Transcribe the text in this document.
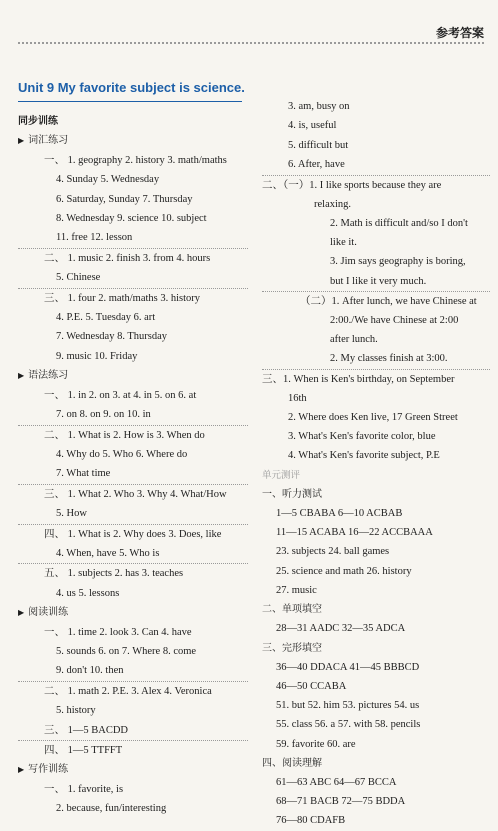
参考答案
Unit 9 My favorite subject is science.
同步训练
▶ 词汇练习
一、 1. geography 2. history 3. math/maths
4. Sunday 5. Wednesday
6. Saturday, Sunday 7. Thursday
8. Wednesday 9. science 10. subject
11. free 12. lesson
二、 1. music 2. finish 3. from 4. hours
5. Chinese
三、 1. four 2. math/maths 3. history
4. P.E. 5. Tuesday 6. art
7. Wednesday 8. Thursday
9. music 10. Friday
▶ 语法练习
一、 1. in 2. on 3. at 4. in 5. on 6. at
7. on 8. on 9. on 10. in
二、 1. What is 2. How is 3. When do
4. Why do 5. Who 6. Where do
7. What time
三、 1. What 2. Who 3. Why 4. What/How
5. How
四、 1. What is 2. Why does 3. Does, like
4. When, have 5. Who is
五、 1. subjects 2. has 3. teaches
4. us 5. lessons
▶ 阅读训练
一、 1. time 2. look 3. Can 4. have
5. sounds 6. on 7. Where 8. come
9. don't 10. then
二、 1. math 2. P.E. 3. Alex 4. Veronica
5. history
三、 1—5 BACDD
四、 1—5 TTFFT
▶ 写作训练
一、 1. favorite, is
2. because, fun/interesting
3. am, busy on
4. is, useful
5. difficult but
6. After, have
二、（一）1. I like sports because they are
relaxing.
2. Math is difficult and/so I don't
like it.
3. Jim says geography is boring,
but I like it very much.
（二）1. After lunch, we have Chinese at
2:00./We have Chinese at 2:00
after lunch.
2. My classes finish at 3:00.
三、1. When is Ken's birthday, on September
16th
2. Where does Ken live, 17 Green Street
3. What's Ken's favorite color, blue
4. What's Ken's favorite subject, P.E
单元测评
一、听力测试
1—5 CBABA 6—10 ACBAB
11—15 ACABA 16—22 ACCBAAA
23. subjects 24. ball games
25. science and math 26. history
27. music
二、单项填空
28—31 AADC 32—35 ADCA
三、完形填空
36—40 DDACA 41—45 BBBCD
46—50 CCABA
51. but 52. him 53. pictures 54. us
55. class 56. a 57. with 58. pencils
59. favorite 60. are
四、阅读理解
61—63 ABC 64—67 BCCA
68—71 BACB 72—75 BDDA
76—80 CDAFB
